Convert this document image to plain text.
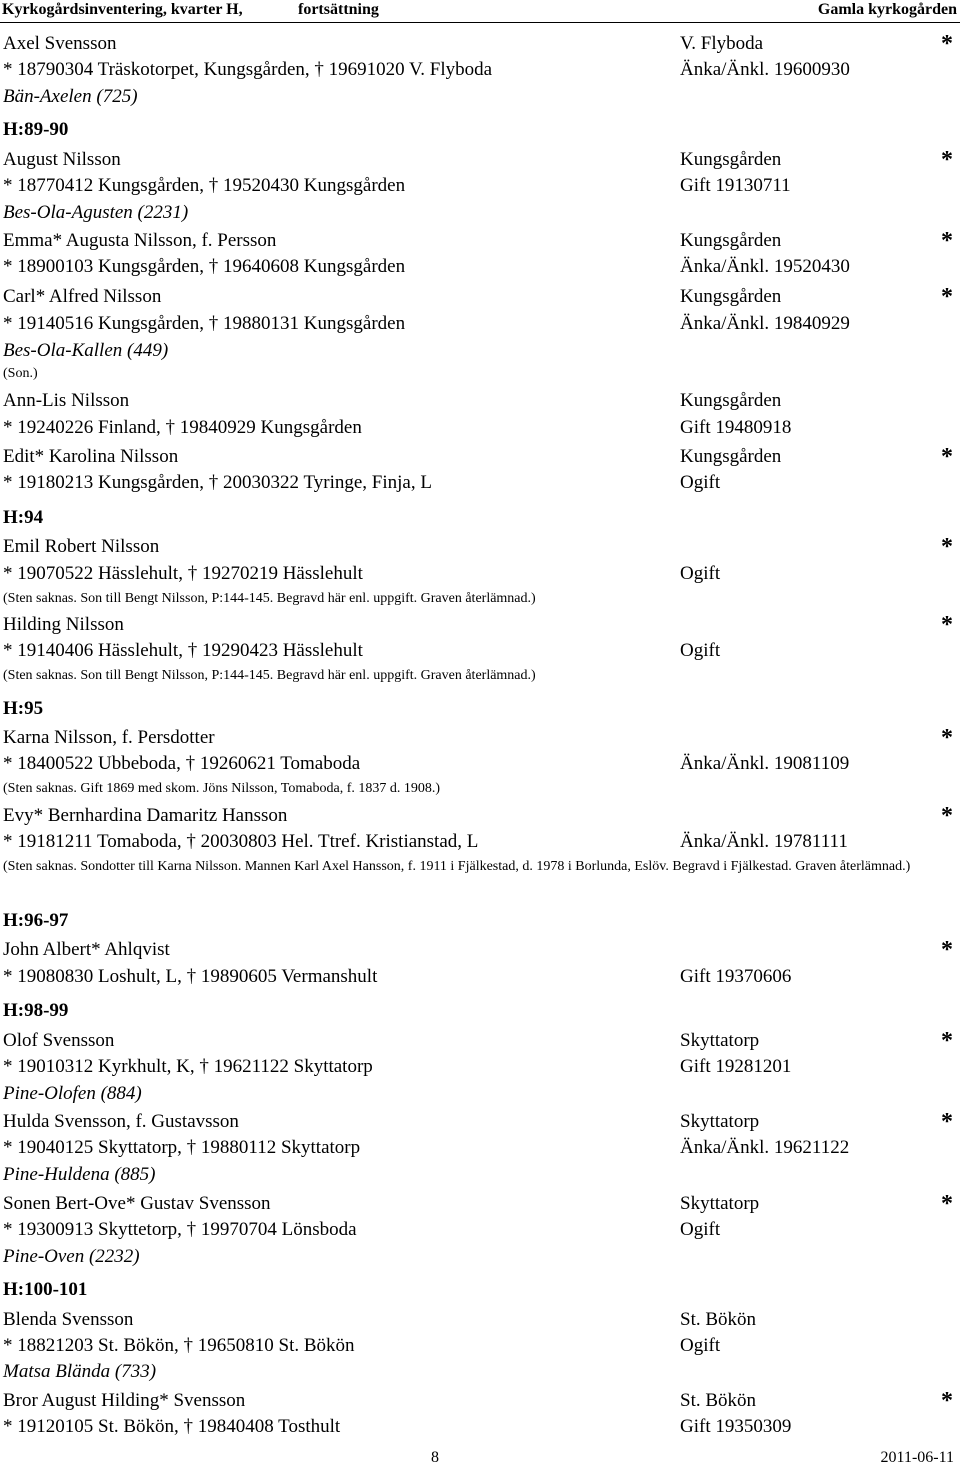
Kyrkogårdsinventering, kvarter H,	fortsättning	Gamla kyrkogården
Axel Svensson	V. Flyboda	*
* 18790304 Träskotorpet, Kungsgården, † 19691020 V. Flyboda	Änka/Änkl. 19600930
Bän-Axelen (725)
H:89-90
August Nilsson	Kungsgården	*
* 18770412 Kungsgården, † 19520430 Kungsgården	Gift 19130711
Bes-Ola-Agusten (2231)
Emma* Augusta Nilsson, f. Persson	Kungsgården	*
* 18900103 Kungsgården, † 19640608 Kungsgården	Änka/Änkl. 19520430
Carl* Alfred Nilsson	Kungsgården	*
* 19140516 Kungsgården, † 19880131 Kungsgården	Änka/Änkl. 19840929
Bes-Ola-Kallen (449)
(Son.)
Ann-Lis Nilsson	Kungsgården
* 19240226 Finland, † 19840929 Kungsgården	Gift 19480918
Edit* Karolina Nilsson	Kungsgården	*
* 19180213 Kungsgården, † 20030322 Tyringe, Finja, L	Ogift
H:94
Emil Robert Nilsson	*
* 19070522 Hässlehult, † 19270219 Hässlehult	Ogift
(Sten saknas. Son till Bengt Nilsson, P:144-145. Begravd här enl. uppgift. Graven återlämnad.)
Hilding Nilsson	*
* 19140406 Hässlehult, † 19290423 Hässlehult	Ogift
(Sten saknas. Son till Bengt Nilsson, P:144-145. Begravd här enl. uppgift. Graven återlämnad.)
H:95
Karna Nilsson, f. Persdotter	*
* 18400522 Ubbeboda, † 19260621 Tomaboda	Änka/Änkl. 19081109
(Sten saknas. Gift 1869 med skom. Jöns Nilsson, Tomaboda, f. 1837 d. 1908.)
Evy* Bernhardina Damaritz Hansson	*
* 19181211 Tomaboda, † 20030803 Hel. Ttref. Kristianstad, L	Änka/Änkl. 19781111
(Sten saknas. Sondotter till Karna Nilsson. Mannen Karl Axel Hansson, f. 1911 i Fjälkestad, d. 1978 i Borlunda, Eslöv. Begravd i Fjälkestad. Graven återlämnad.)
H:96-97
John Albert* Ahlqvist	*
* 19080830 Loshult, L, † 19890605 Vermanshult	Gift 19370606
H:98-99
Olof Svensson	Skyttatorp	*
* 19010312 Kyrkhult, K, † 19621122 Skyttatorp	Gift 19281201
Pine-Olofen (884)
Hulda Svensson, f. Gustavsson	Skyttatorp	*
* 19040125 Skyttatorp, † 19880112 Skyttatorp	Änka/Änkl. 19621122
Pine-Huldena (885)
Sonen Bert-Ove* Gustav Svensson	Skyttatorp	*
* 19300913 Skyttetorp, † 19970704 Lönsboda	Ogift
Pine-Oven (2232)
H:100-101
Blenda Svensson	St. Bökön
* 18821203 St. Bökön, † 19650810 St. Bökön	Ogift
Matsa Blända (733)
Bror August Hilding* Svensson	St. Bökön	*
* 19120105 St. Bökön, † 19840408 Tosthult	Gift 19350309
8	2011-06-11
